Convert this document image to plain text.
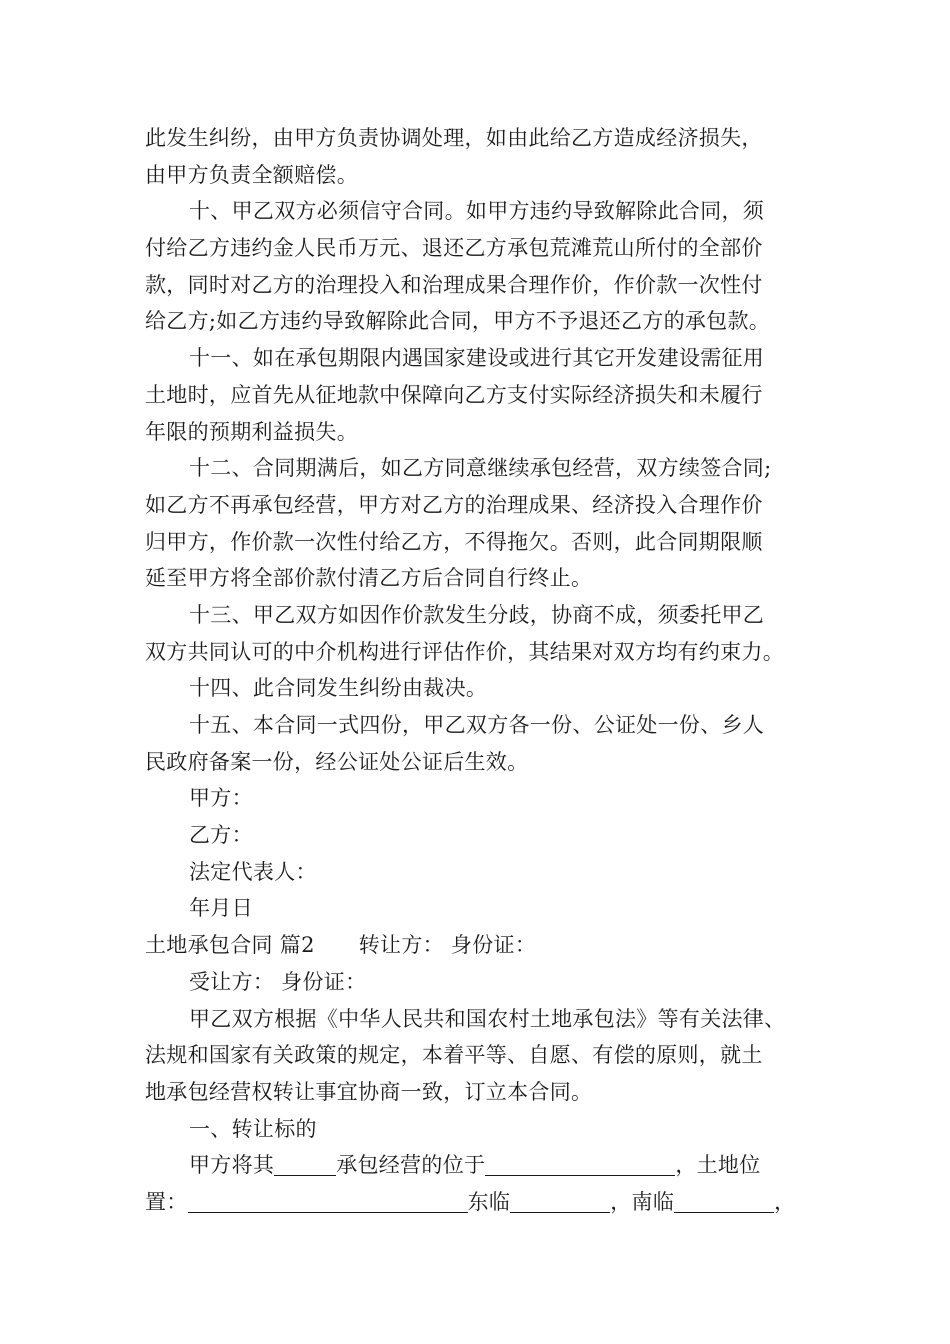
此发生纠纷，由甲方负责协调处理，如由此给乙方造成经济损失，
由甲方负责全额赔偿。
十、甲乙双方必须信守合同。如甲方违约导致解除此合同，须
付给乙方违约金人民币万元、退还乙方承包荒滩荒山所付的全部价
款，同时对乙方的治理投入和治理成果合理作价，作价款一次性付
给乙方;如乙方违约导致解除此合同，甲方不予退还乙方的承包款。
十一、如在承包期限内遇国家建设或进行其它开发建设需征用
土地时，应首先从征地款中保障向乙方支付实际经济损失和未履行
年限的预期利益损失。
十二、合同期满后，如乙方同意继续承包经营，双方续签合同;
如乙方不再承包经营，甲方对乙方的治理成果、经济投入合理作价
归甲方，作价款一次性付给乙方，不得拖欠。否则，此合同期限顺
延至甲方将全部价款付清乙方后合同自行终止。
十三、甲乙双方如因作价款发生分歧，协商不成，须委托甲乙
双方共同认可的中介机构进行评估作价，其结果对双方均有约束力。
十四、此合同发生纠纷由裁决。
十五、本合同一式四份，甲乙双方各一份、公证处一份、乡人
民政府备案一份，经公证处公证后生效。
甲方：
乙方：
法定代表人：
年月日
土地承包合同 篇2 转让方： 身份证：
受让方： 身份证：
甲乙双方根据《中华人民共和国农村土地承包法》等有关法律、
法规和国家有关政策的规定，本着平等、自愿、有偿的原则，就土
地承包经营权转让事宜协商一致，订立本合同。
一、转让标的
甲方将其	承包经营的位于	，土地位
置：	东临	，南临	，
